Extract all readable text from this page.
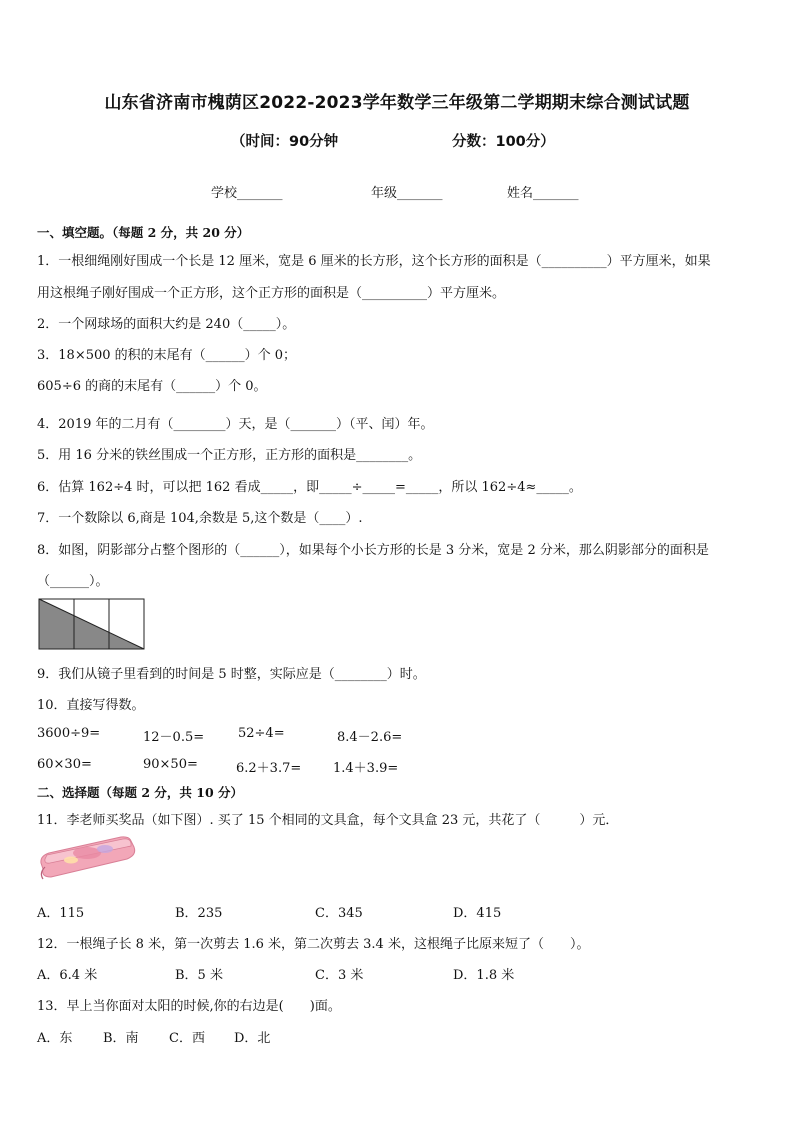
山东省济南市槐荫区2022-2023学年数学三年级第二学期期末综合测试试题
（时间：90分钟	分数：100分）
学校_______	年级_______	姓名_______
一、填空题。（每题 2 分，共 20 分）
1．一根细绳刚好围成一个长是 12 厘米，宽是 6 厘米的长方形，这个长方形的面积是（__________）平方厘米，如果
用这根绳子刚好围成一个正方形，这个正方形的面积是（__________）平方厘米。
2．一个网球场的面积大约是 240（_____）。
3．18×500 的积的末尾有（______）个 0；
605÷6 的商的末尾有（______）个 0。
4．2019 年的二月有（________）天，是（_______）（平、闰）年。
5．用 16 分米的铁丝围成一个正方形，正方形的面积是________。
6．估算 162÷4 时，可以把 162 看成_____，即_____÷_____=_____，所以 162÷4≈_____。
7．一个数除以 6,商是 104,余数是 5,这个数是（____）.
8．如图，阴影部分占整个图形的（______），如果每个小长方形的长是 3 分米，宽是 2 分米，那么阴影部分的面积是
（______）。
9．我们从镜子里看到的时间是 5 时整，实际应是（________）时。
10．直接写得数。
3600÷9=	12－0.5=	52÷4=	8.4－2.6=
60×30=	90×50=	6.2＋3.7= 1.4＋3.9=
二、选择题（每题 2 分，共 10 分）
11．李老师买奖品（如下图）. 买了 15 个相同的文具盒，每个文具盒 23 元，共花了（　　　）元．
A．115	B．235	C．345	D．415
12．一根绳子长 8 米，第一次剪去 1.6 米，第二次剪去 3.4 米，这根绳子比原来短了（　　）。
A．6.4 米	B．5 米	C．3 米	D．1.8 米
13．早上当你面对太阳的时候,你的右边是(　　)面。
A．东 B．南 C．西 D．北
